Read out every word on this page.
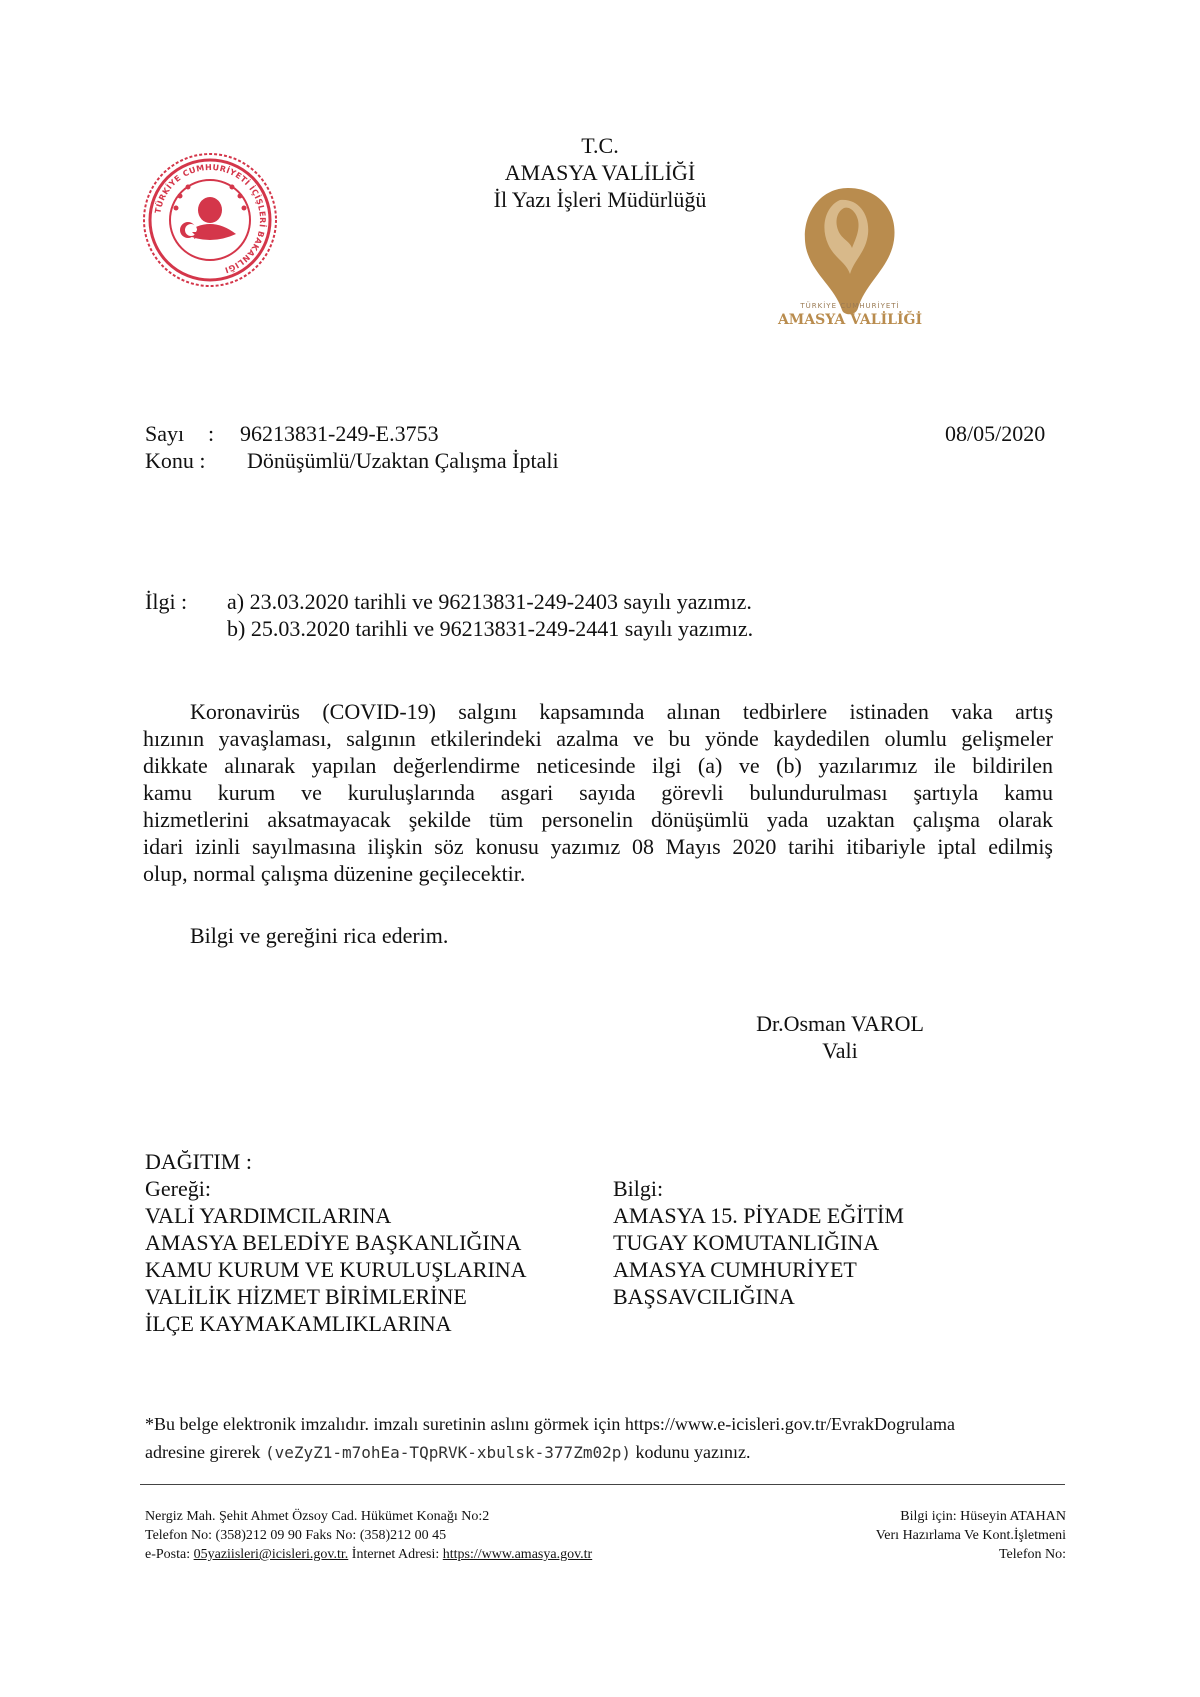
T.C.
AMASYA VALİLİĞİ
İl Yazı İşleri Müdürlüğü
TÜRKİYE CUMHURİYETİ İÇİŞLERİ BAKANLIĞI
TÜRKİYE CUMHURİYETİ
AMASYA VALİLİĞİ
Sayı : 96213831-249-E.3753	08/05/2020
Konu : Dönüşümlü/Uzaktan Çalışma İptali
İlgi : a) 23.03.2020 tarihli ve 96213831-249-2403 sayılı yazımız.
b) 25.03.2020 tarihli ve 96213831-249-2441 sayılı yazımız.
Koronavirüs (COVID-19) salgını kapsamında alınan tedbirlere istinaden vaka artış
hızının yavaşlaması, salgının etkilerindeki azalma ve bu yönde kaydedilen olumlu gelişmeler
dikkate alınarak yapılan değerlendirme neticesinde ilgi (a) ve (b) yazılarımız ile bildirilen
kamu kurum ve kuruluşlarında asgari sayıda görevli bulundurulması şartıyla kamu
hizmetlerini aksatmayacak şekilde tüm personelin dönüşümlü yada uzaktan çalışma olarak
idari izinli sayılmasına ilişkin söz konusu yazımız 08 Mayıs 2020 tarihi itibariyle iptal edilmiş
olup, normal çalışma düzenine geçilecektir.
Bilgi ve gereğini rica ederim.
Dr.Osman VAROL
Vali
DAĞITIM :
Gereği:
VALİ YARDIMCILARINA
AMASYA BELEDİYE BAŞKANLIĞINA
KAMU KURUM VE KURULUŞLARINA
VALİLİK HİZMET BİRİMLERİNE
İLÇE KAYMAKAMLIKLARINA
Bilgi:
AMASYA 15. PİYADE EĞİTİM
TUGAY KOMUTANLIĞINA
AMASYA CUMHURİYET
BAŞSAVCILIĞINA
*Bu belge elektronik imzalıdır. imzalı suretinin aslını görmek için https://www.e-icisleri.gov.tr/EvrakDogrulama
adresine girerek (veZyZ1-m7ohEa-TQpRVK-xbulsk-377Zm02p) kodunu yazınız.
Nergiz Mah. Şehit Ahmet Özsoy Cad. Hükümet Konağı No:2
Telefon No: (358)212 09 90 Faks No: (358)212 00 45
e-Posta: 05yaziisleri@icisleri.gov.tr. İnternet Adresi: https://www.amasya.gov.tr
Bilgi için: Hüseyin ATAHAN
Verı Hazırlama Ve Kont.İşletmeni
Telefon No:
